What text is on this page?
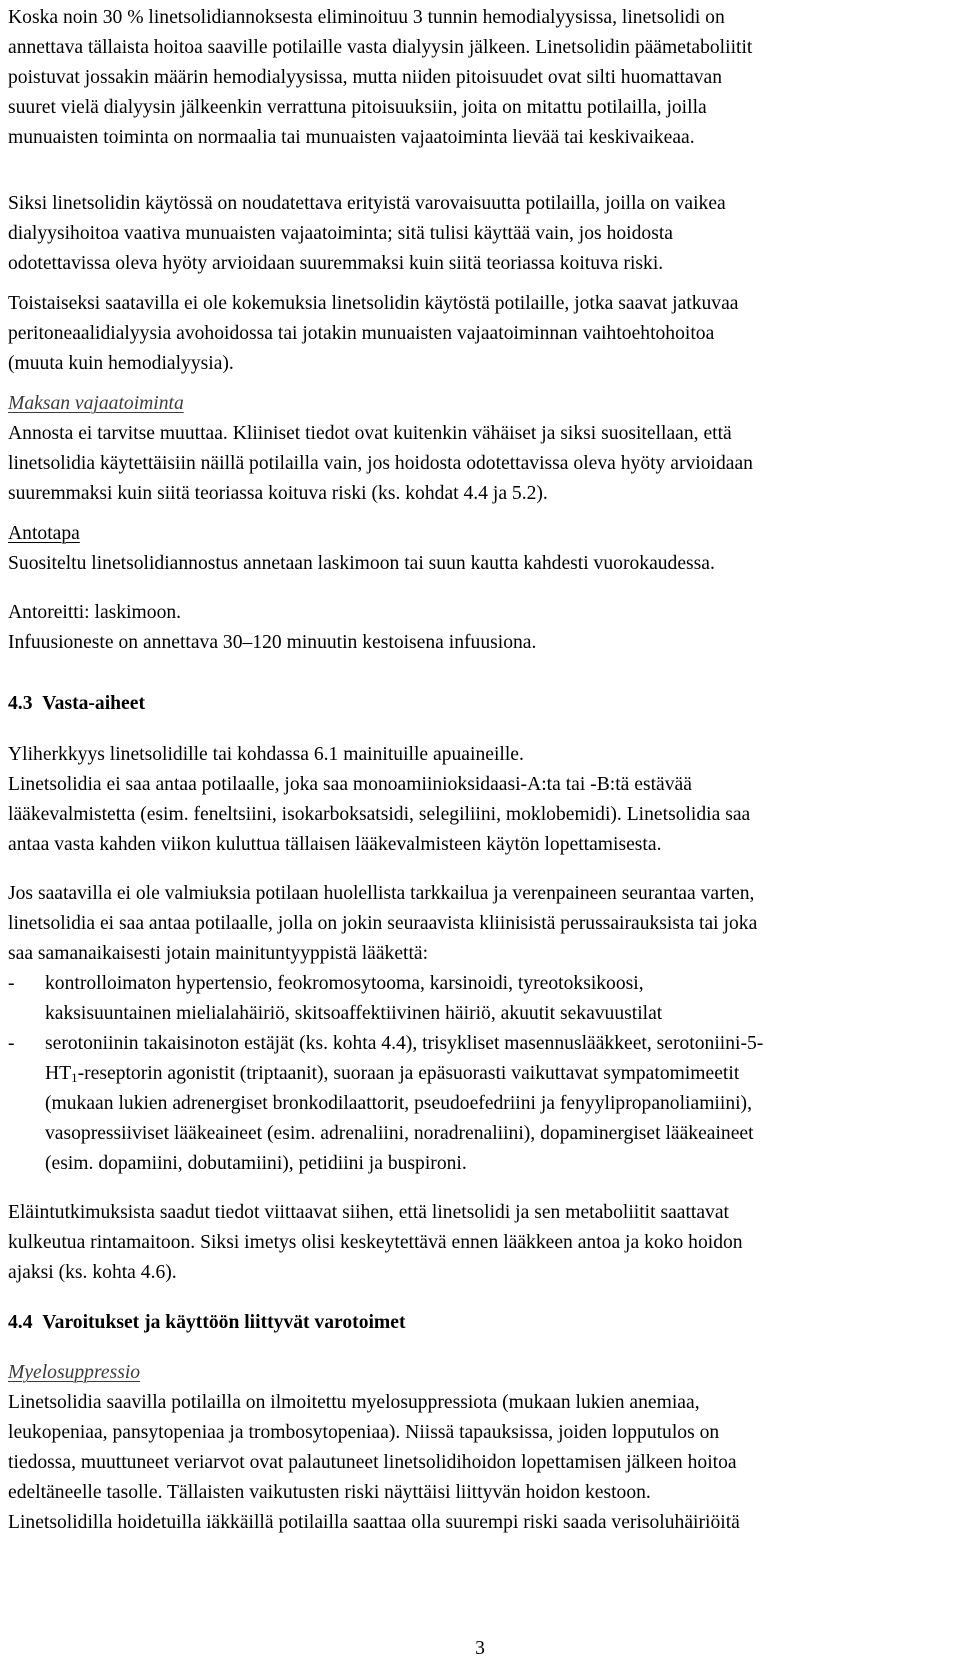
Koska noin 30 % linetsolidiannoksesta eliminoituu 3 tunnin hemodialyysissa, linetsolidi on

annettava tällaista hoitoa saaville potilaille vasta dialyysin jälkeen. Linetsolidin päämetaboliitit

poistuvat jossakin määrin hemodialyysissa, mutta niiden pitoisuudet ovat silti huomattavan

suuret vielä dialyysin jälkeenkin verrattuna pitoisuuksiin, joita on mitattu potilailla, joilla

munuaisten toiminta on normaalia tai munuaisten vajaatoiminta lievää tai keskivaikeaa.

Siksi linetsolidin käytössä on noudatettava erityistä varovaisuutta potilailla, joilla on vaikea

dialyysihoitoa vaativa munuaisten vajaatoiminta; sitä tulisi käyttää vain, jos hoidosta

odotettavissa oleva hyöty arvioidaan suuremmaksi kuin siitä teoriassa koituva riski.

Toistaiseksi saatavilla ei ole kokemuksia linetsolidin käytöstä potilaille, jotka saavat jatkuvaa

peritoneaalidialyysia avohoidossa tai jotakin munuaisten vajaatoiminnan vaihtoehtohoitoa

(muuta kuin hemodialyysia).

Maksan vajaatoiminta

Annosta ei tarvitse muuttaa. Kliiniset tiedot ovat kuitenkin vähäiset ja siksi suositellaan, että

linetsolidia käytettäisiin näillä potilailla vain, jos hoidosta odotettavissa oleva hyöty arvioidaan

suuremmaksi kuin siitä teoriassa koituva riski (ks. kohdat 4.4 ja 5.2).

Antotapa

Suositeltu linetsolidiannostus annetaan laskimoon tai suun kautta kahdesti vuorokaudessa.

Antoreitti: laskimoon.

Infuusioneste on annettava 30–120 minuutin kestoisena infuusiona.

4.3 Vasta-aiheet

Yliherkkyys linetsolidille tai kohdassa 6.1 mainituille apuaineille.

Linetsolidia ei saa antaa potilaalle, joka saa monoamiinioksidaasi-A:ta tai -B:tä estävää

lääkevalmistetta (esim. feneltsiini, isokarboksatsidi, selegiliini, moklobemidi). Linetsolidia saa

antaa vasta kahden viikon kuluttua tällaisen lääkevalmisteen käytön lopettamisesta.

Jos saatavilla ei ole valmiuksia potilaan huolellista tarkkailua ja verenpaineen seurantaa varten,

linetsolidia ei saa antaa potilaalle, jolla on jokin seuraavista kliinisistä perussairauksista tai joka

saa samanaikaisesti jotain mainituntyyppistä lääkettä:

- kontrolloimaton hypertensio, feokromosytooma, karsinoidi, tyreotoksikoosi,

kaksisuuntainen mielialahäiriö, skitsoaffektiivinen häiriö, akuutit sekavuustilat

- serotoniinin takaisinoton estäjät (ks. kohta 4.4), trisykliset masennuslääkkeet, serotoniini-5-

$HT_1$-reseptorin agonistit (triptaanit), suoraan ja epäsuorasti vaikuttavat sympatomimeetit

(mukaan lukien adrenergiset bronkodilaattorit, pseudoefedriini ja fenyylipropanoliamiini),

vasopressiiviset lääkeaineet (esim. adrenaliini, noradrenaliini), dopaminergiset lääkeaineet

(esim. dopamiini, dobutamiini), petidiini ja buspironi.

Eläintutkimuksista saadut tiedot viittaavat siihen, että linetsolidi ja sen metaboliitit saattavat

kulkeutua rintamaitoon. Siksi imetys olisi keskeytettävä ennen lääkkeen antoa ja koko hoidon

ajaksi (ks. kohta 4.6).

4.4 Varoitukset ja käyttöön liittyvät varotoimet

Myelosuppressio

Linetsolidia saavilla potilailla on ilmoitettu myelosuppressiota (mukaan lukien anemiaa,

leukopeniaa, pansytopeniaa ja trombosytopeniaa). Niissä tapauksissa, joiden lopputulos on

tiedossa, muuttuneet veriarvot ovat palautuneet linetsolidihoidon lopettamisen jälkeen hoitoa

edeltäneelle tasolle. Tällaisten vaikutusten riski näyttäisi liittyvän hoidon kestoon.

Linetsolidilla hoidetuilla iäkkäillä potilailla saattaa olla suurempi riski saada verisoluhäiriöitä

3
